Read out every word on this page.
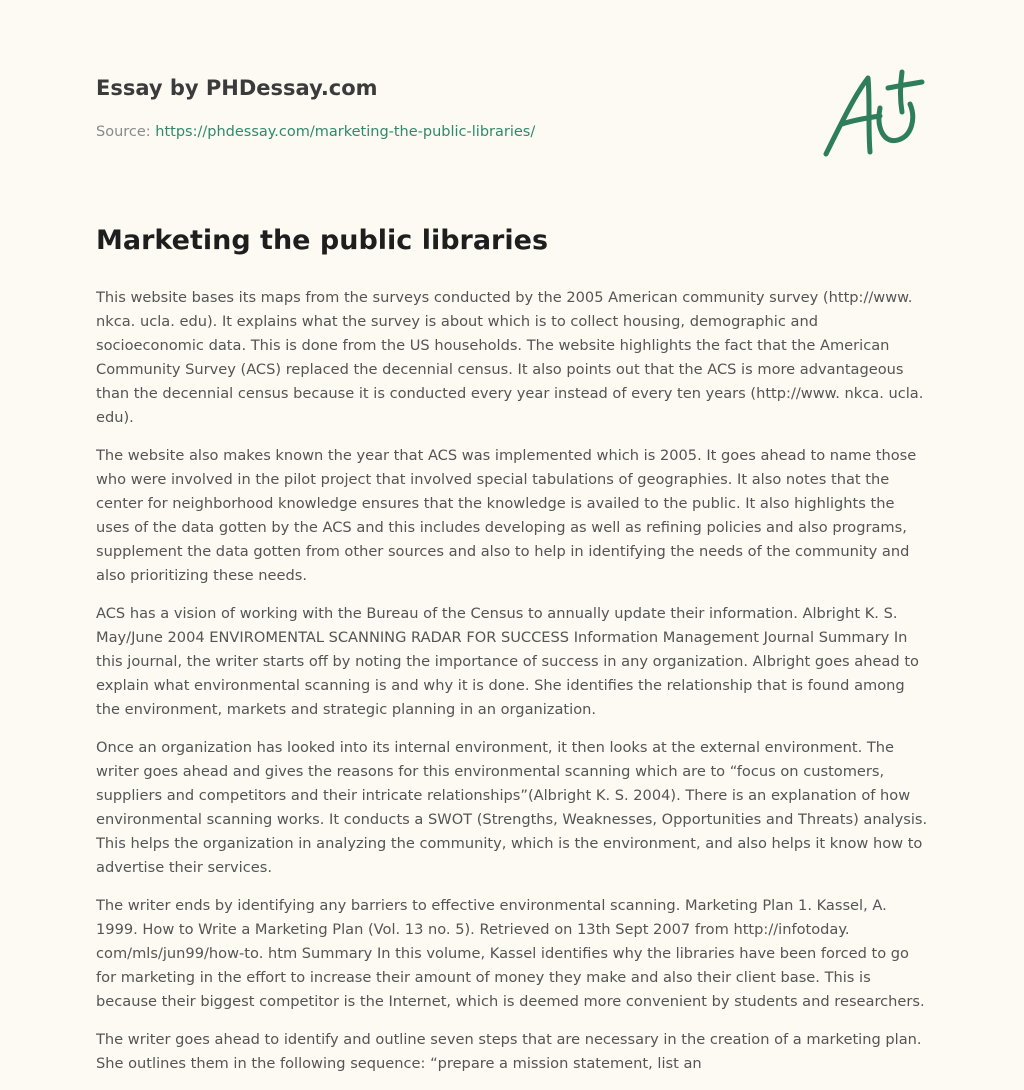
Essay by PHDessay.com
Source: https://phdessay.com/marketing-the-public-libraries/
Marketing the public libraries

This website bases its maps from the surveys conducted by the 2005 American community survey (http://www. nkca. ucla. edu). It explains what the survey is about which is to collect housing, demographic and socioeconomic data. This is done from the US households. The website highlights the fact that the American Community Survey (ACS) replaced the decennial census. It also points out that the ACS is more advantageous than the decennial census because it is conducted every year instead of every ten years (http://www. nkca. ucla. edu).

The website also makes known the year that ACS was implemented which is 2005. It goes ahead to name those who were involved in the pilot project that involved special tabulations of geographies. It also notes that the center for neighborhood knowledge ensures that the knowledge is availed to the public. It also highlights the uses of the data gotten by the ACS and this includes developing as well as refining policies and also programs, supplement the data gotten from other sources and also to help in identifying the needs of the community and also prioritizing these needs.

ACS has a vision of working with the Bureau of the Census to annually update their information. Albright K. S. May/June 2004 ENVIROMENTAL SCANNING RADAR FOR SUCCESS Information Management Journal Summary In this journal, the writer starts off by noting the importance of success in any organization. Albright goes ahead to explain what environmental scanning is and why it is done. She identifies the relationship that is found among the environment, markets and strategic planning in an organization.

Once an organization has looked into its internal environment, it then looks at the external environment. The writer goes ahead and gives the reasons for this environmental scanning which are to “focus on customers, suppliers and competitors and their intricate relationships”(Albright K. S. 2004). There is an explanation of how environmental scanning works. It conducts a SWOT (Strengths, Weaknesses, Opportunities and Threats) analysis. This helps the organization in analyzing the community, which is the environment, and also helps it know how to advertise their services.

The writer ends by identifying any barriers to effective environmental scanning. Marketing Plan 1. Kassel, A. 1999. How to Write a Marketing Plan (Vol. 13 no. 5). Retrieved on 13th Sept 2007 from http://infotoday. com/mls/jun99/how-to. htm Summary In this volume, Kassel identifies why the libraries have been forced to go for marketing in the effort to increase their amount of money they make and also their client base. This is because their biggest competitor is the Internet, which is deemed more convenient by students and researchers.

The writer goes ahead to identify and outline seven steps that are necessary in the creation of a marketing plan. She outlines them in the following sequence: “prepare a mission statement, list an
